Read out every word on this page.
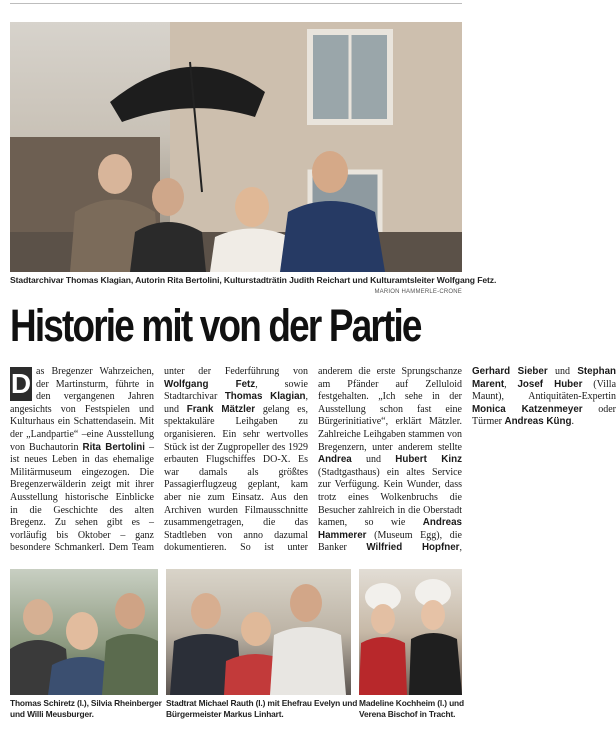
Stadtarchivar Thomas Klagian, Autorin Rita Bertolini, Kulturstadträtin Judith Reichart und Kulturamtsleiter Wolfgang Fetz.
MARION HAMMERLE-CRONE
Historie mit von der Partie

D as Bregenzer Wahrzeichen, der Martinsturm, führte in den vergangenen Jahren angesichts von Festspielen und Kulturhaus ein Schattendasein. Mit der „Landpartie“ –eine Ausstellung von Buchautorin Rita Bertolini – ist neues Leben in das ehemalige Militärmuseum eingezogen. Die Bregenzerwälderin zeigt mit ihrer Ausstellung historische Einblicke in die Geschichte des alten Bregenz. Zu sehen gibt es – vorläufig bis Oktober – ganz besondere Schmankerl. Dem Team unter der Federführung von Wolfgang Fetz, sowie Stadtarchivar Thomas Klagian, und Frank Mätzler gelang es, spektakuläre Leihgaben zu organisieren. Ein sehr wertvolles Stück ist der Zugpropeller des 1929 erbauten Flugschiffes DO-X. Es war damals als größtes Passagierflugzeug geplant, kam aber nie zum Einsatz. Aus den Archiven wurden Filmausschnitte zusammengetragen, die das Stadtleben von anno dazumal dokumentieren. So ist unter anderem die erste Sprungschanze am Pfänder auf Zelluloid festgehalten. „Ich sehe in der Ausstellung schon fast eine Bürgerinitiative“, erklärt Mätzler. Zahlreiche Leihgaben stammen von Bregenzern, unter anderem stellte Andrea und Hubert Kinz (Stadtgasthaus) ein altes Service zur Verfügung. Kein Wunder, dass trotz eines Wolkenbruchs die Besucher zahlreich in die Oberstadt kamen, so wie Andreas Hammerer (Museum Egg), die Banker Wilfried Hopfner, Gerhard Sieber und Stephan Marent, Josef Huber (Villa Maunt), Antiquitäten-Expertin Monica Katzenmeyer oder Türmer Andreas Küng.

Thomas Schiretz (l.), Silvia Rheinberger
und Willi Meusburger.
Stadtrat Michael Rauth (l.) mit Ehefrau Evelyn und
Bürgermeister Markus Linhart.
Madeline Kochheim (l.) und
Verena Bischof in Tracht.
